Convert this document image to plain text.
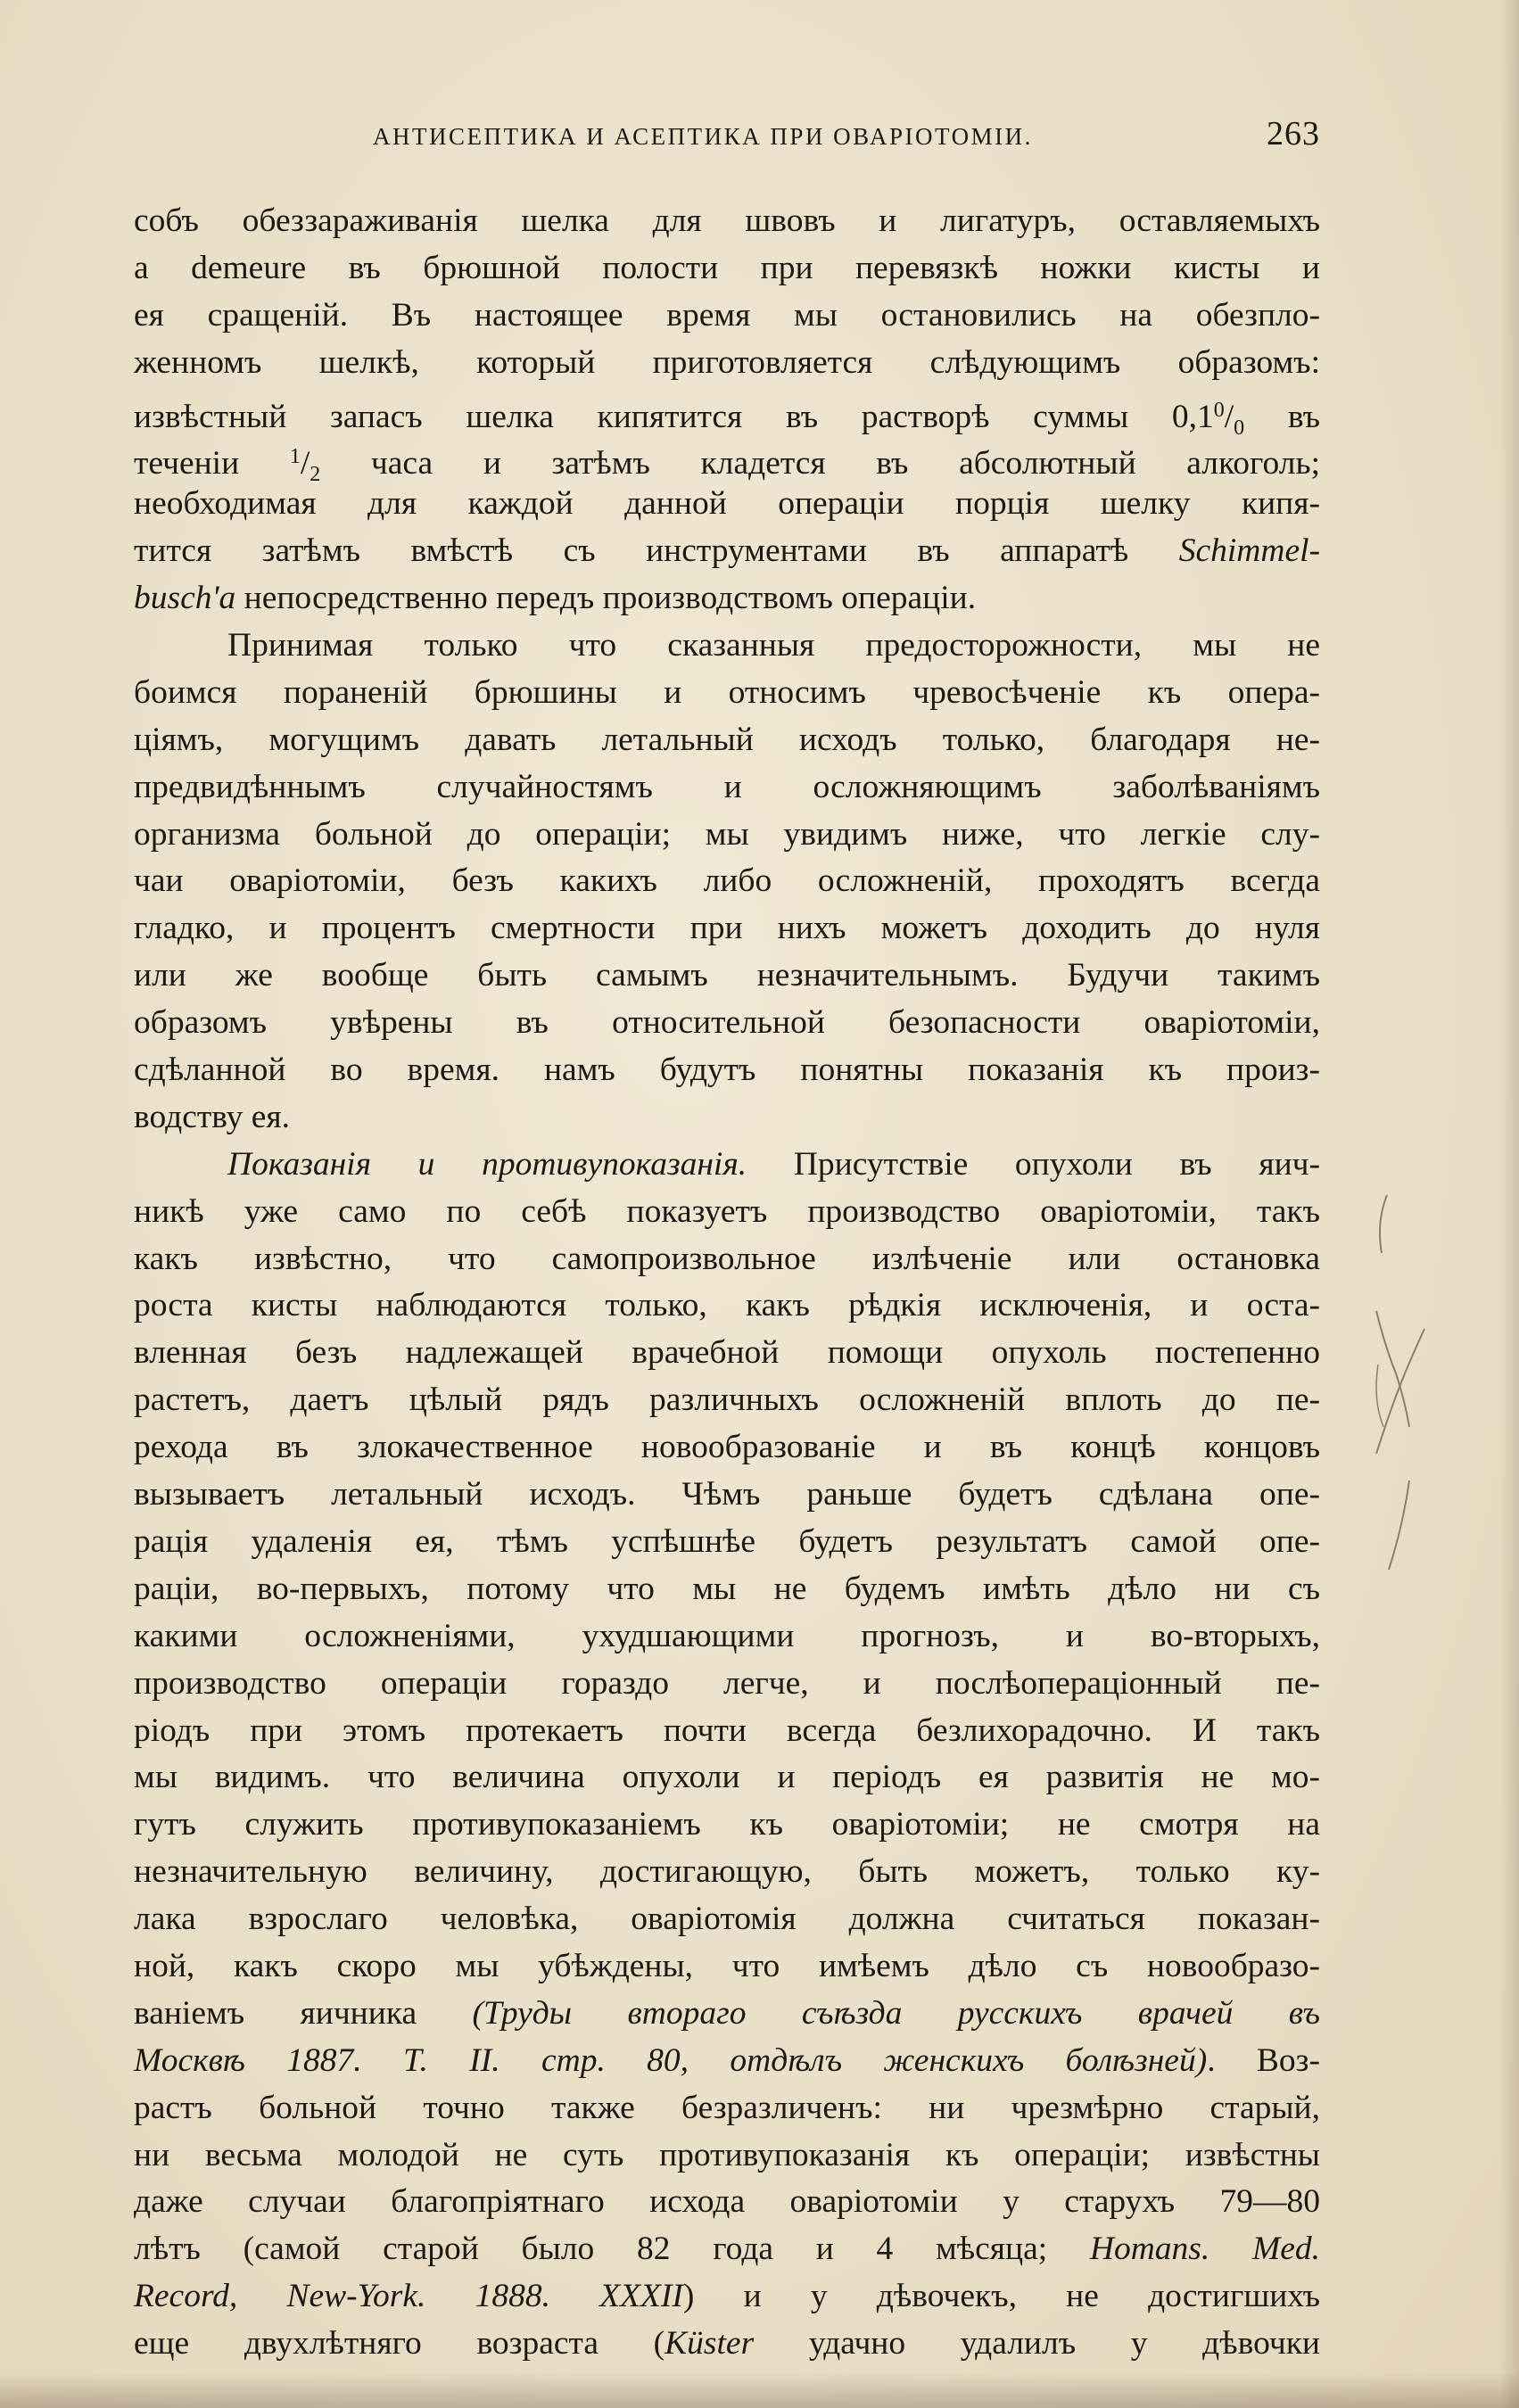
АНТИСЕПТИКА И АСЕПТИКА ПРИ ОВАРІОТОМІИ.	263
собъ обеззараживанія шелка для швовъ и лигатуръ, оставляемыхъ
а demeure въ брюшной полости при перевязкѣ ножки кисты и
ея сращеній. Въ настоящее время мы остановились на обезпло-
женномъ шелкѣ, который приготовляется слѣдующимъ образомъ:
извѣстный запасъ шелка кипятится въ растворѣ суммы $0,1^0/_0$ въ
теченіи $^1/_2$ часа и затѣмъ кладется въ абсолютный алкоголь;
необходимая для каждой данной операціи порція шелку кипя-
тится затѣмъ вмѣстѣ съ инструментами въ аппаратѣ Schimmel-
busch'a непосредственно передъ производствомъ операціи.
Принимая только что сказанныя предосторожности, мы не
боимся пораненій брюшины и относимъ чревосѣченіе къ опера-
ціямъ, могущимъ давать летальный исходъ только, благодаря не-
предвидѣннымъ случайностямъ и осложняющимъ заболѣваніямъ
организма больной до операціи; мы увидимъ ниже, что легкіе слу-
чаи оваріотоміи, безъ какихъ либо осложненій, проходятъ всегда
гладко, и процентъ смертности при нихъ можетъ доходить до нуля
или же вообще быть самымъ незначительнымъ. Будучи такимъ
образомъ увѣрены въ относительной безопасности оваріотоміи,
сдѣланной во время. намъ будутъ понятны показанія къ произ-
водству ея.
Показанія и противупоказанія. Присутствіе опухоли въ яич-
никѣ уже само по себѣ показуетъ производство оваріотоміи, такъ
какъ извѣстно, что самопроизвольное излѣченіе или остановка
роста кисты наблюдаются только, какъ рѣдкія исключенія, и оста-
вленная безъ надлежащей врачебной помощи опухоль постепенно
растетъ, даетъ цѣлый рядъ различныхъ осложненій вплоть до пе-
рехода въ злокачественное новообразованіе и въ концѣ концовъ
вызываетъ летальный исходъ. Чѣмъ раньше будетъ сдѣлана опе-
рація удаленія ея, тѣмъ успѣшнѣе будетъ результатъ самой опе-
раціи, во-первыхъ, потому что мы не будемъ имѣть дѣло ни съ
какими осложненіями, ухудшающими прогнозъ, и во-вторыхъ,
производство операціи гораздо легче, и послѣопераціонный пе-
ріодъ при этомъ протекаетъ почти всегда безлихорадочно. И такъ
мы видимъ. что величина опухоли и періодъ ея развитія не мо-
гутъ служить противупоказаніемъ къ оваріотоміи; не смотря на
незначительную величину, достигающую, быть можетъ, только ку-
лака взрослаго человѣка, оваріотомія должна считаться показан-
ной, какъ скоро мы убѣждены, что имѣемъ дѣло съ новообразо-
ваніемъ яичника (Труды втораго съѣзда русскихъ врачей въ
Москвѣ 1887. Т. II. стр. 80, отдѣлъ женскихъ болѣзней). Воз-
растъ больной точно также безразличенъ: ни чрезмѣрно старый,
ни весьма молодой не суть противупоказанія къ операціи; извѣстны
даже случаи благопріятнаго исхода оваріотоміи у старухъ 79—80
лѣтъ (самой старой было 82 года и 4 мѣсяца; Homans. Med.
Record, New-York. 1888. XXXII) и у дѣвочекъ, не достигшихъ
еще двухлѣтняго возраста (Küster удачно удалилъ у дѣвочки
